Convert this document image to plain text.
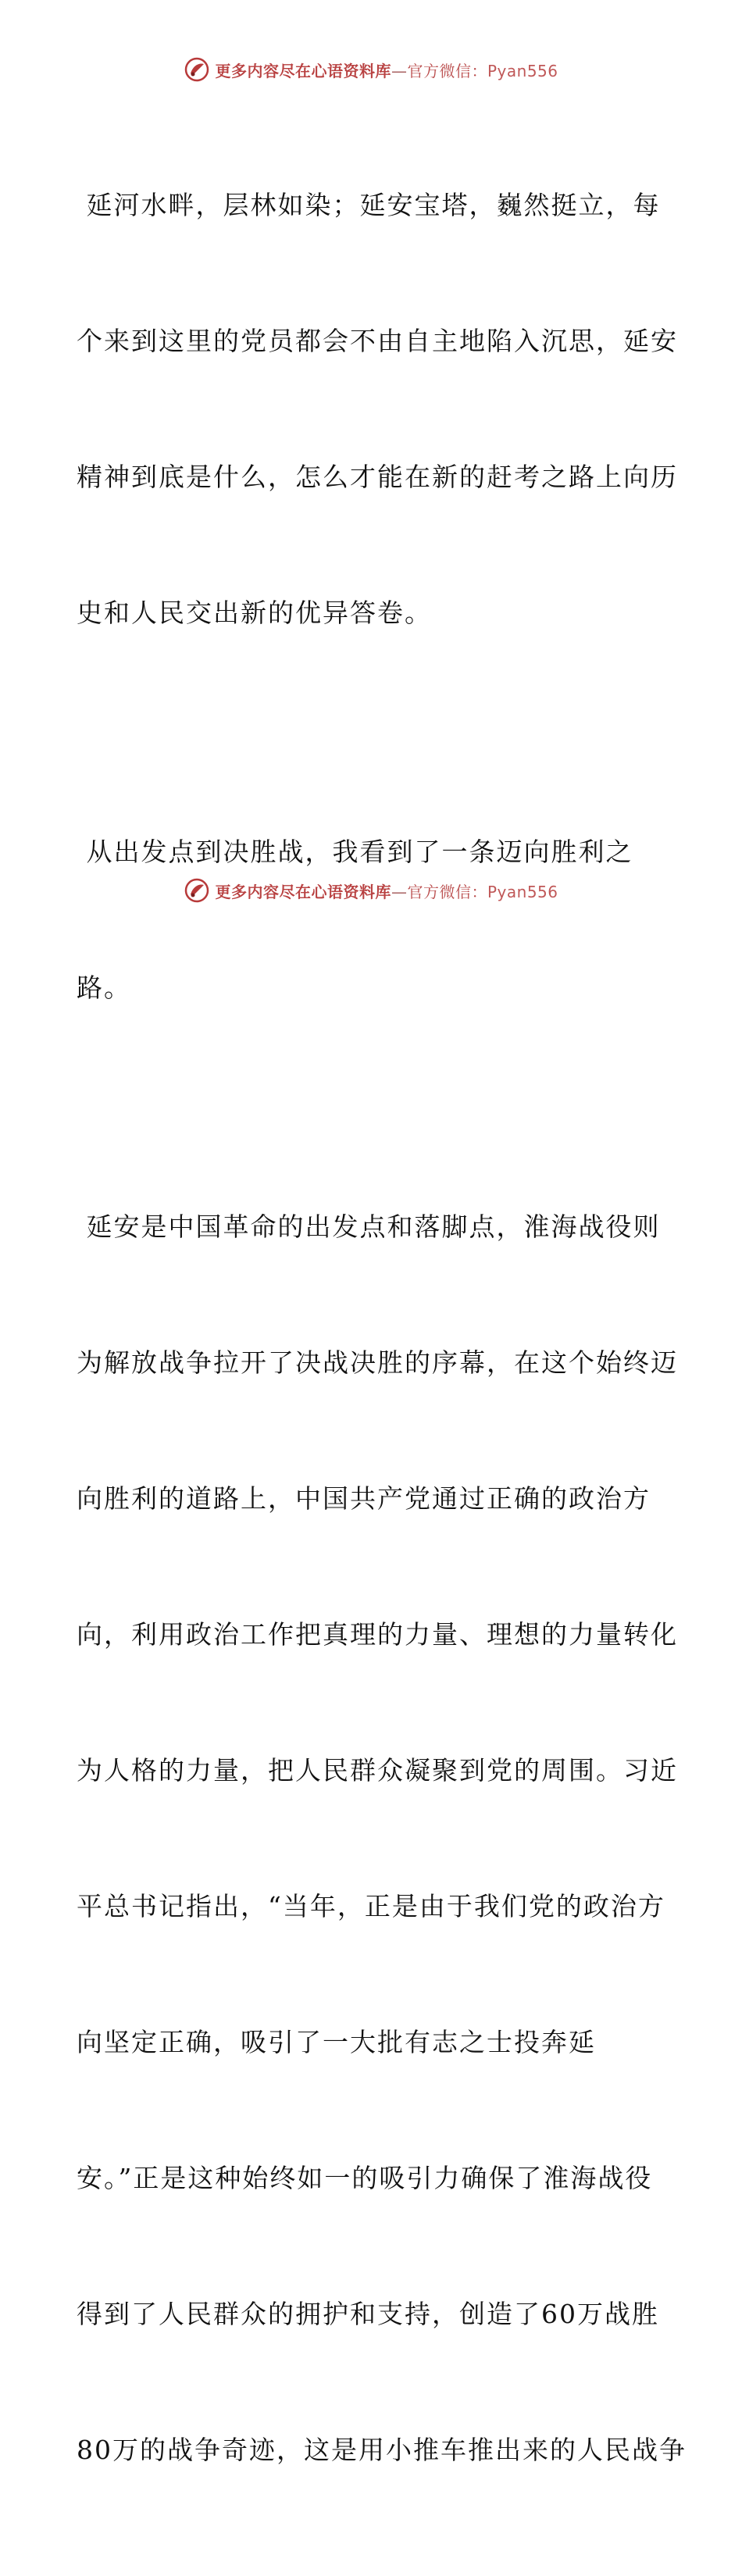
更多内容尽在心语资料库—官方微信：Pyan556

延河水畔，层林如染；延安宝塔，巍然挺立，每

个来到这里的党员都会不由自主地陷入沉思，延安

精神到底是什么，怎么才能在新的赶考之路上向历

史和人民交出新的优异答卷。

从出发点到决胜战，我看到了一条迈向胜利之

路。

延安是中国革命的出发点和落脚点，淮海战役则

为解放战争拉开了决战决胜的序幕，在这个始终迈

向胜利的道路上，中国共产党通过正确的政治方

向，利用政治工作把真理的力量、理想的力量转化

为人格的力量，把人民群众凝聚到党的周围。习近

平总书记指出，“当年，正是由于我们党的政治方

向坚定正确，吸引了一大批有志之士投奔延

安。”正是这种始终如一的吸引力确保了淮海战役

得到了人民群众的拥护和支持，创造了60万战胜

80万的战争奇迹，这是用小推车推出来的人民战争

更多内容尽在心语资料库—官方微信：Pyan556
